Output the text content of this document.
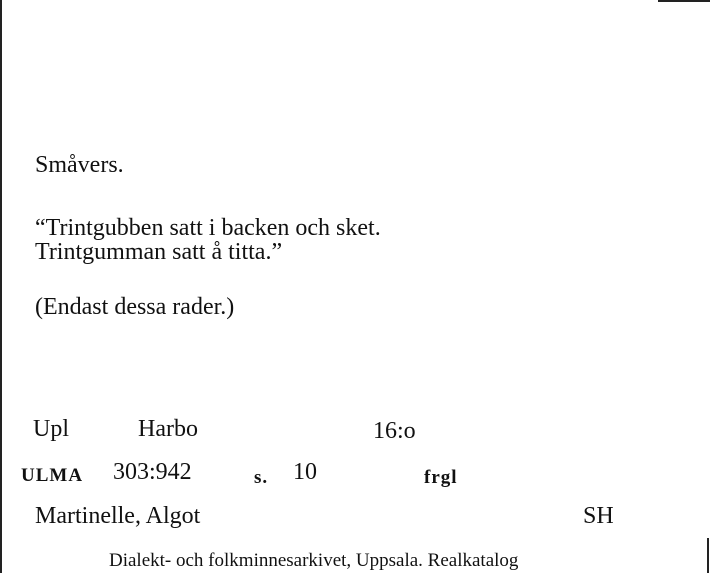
Småvers.
“Trintgubben satt i backen och sket.
Trintgumman satt å titta.”
(Endast dessa rader.)
Upl	Harbo	16:o
ULMA 303:942	s. 10	frgl
Martinelle, Algot	SH
Dialekt- och folkminnesarkivet, Uppsala. Realkatalog
